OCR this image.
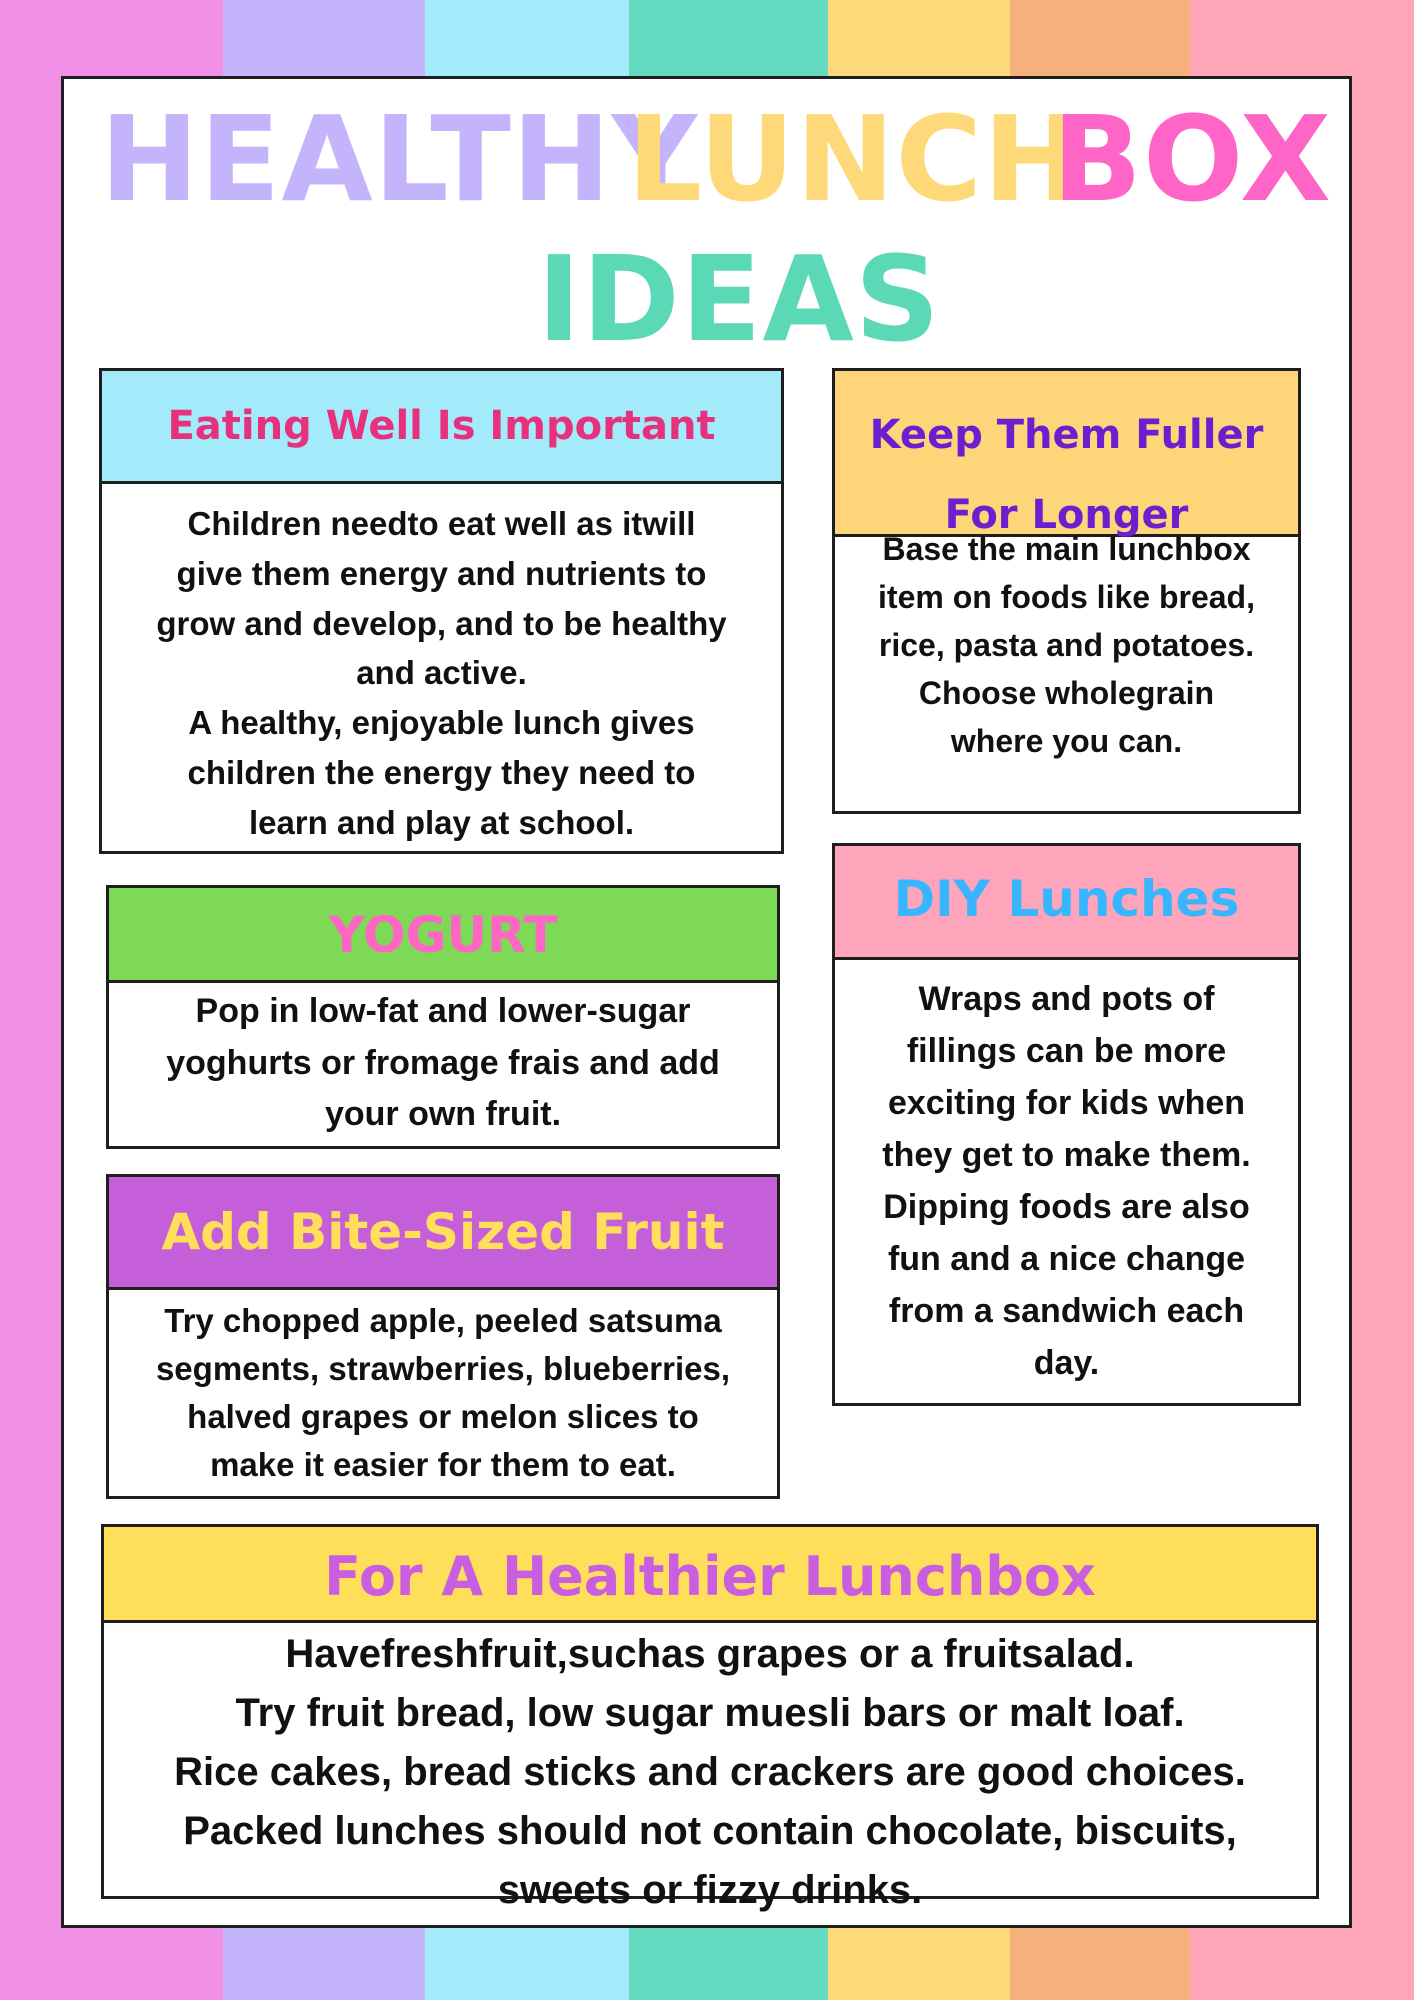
HEALTHY
LUNCH
BOX
IDEAS
Eating Well Is Important
Children needto eat well as itwill
give them energy and nutrients to
grow and develop, and to be healthy
and active.
A healthy, enjoyable lunch gives
children the energy they need to
learn and play at school.
Keep Them Fuller For Longer
Base the main lunchbox
item on foods like bread,
rice, pasta and potatoes.
Choose wholegrain
where you can.
YOGURT
Pop in low-fat and lower-sugar
yoghurts or fromage frais and add
your own fruit.
DIY Lunches
Wraps and pots of
fillings can be more
exciting for kids when
they get to make them.
Dipping foods are also
fun and a nice change
from a sandwich each
day.
Add Bite-Sized Fruit
Try chopped apple, peeled satsuma
segments, strawberries, blueberries,
halved grapes or melon slices to
make it easier for them to eat.
For A Healthier Lunchbox
Havefreshfruit,suchas grapes or a fruitsalad.
Try fruit bread, low sugar muesli bars or malt loaf.
Rice cakes, bread sticks and crackers are good choices.
Packed lunches should not contain chocolate, biscuits,
sweets or fizzy drinks.
